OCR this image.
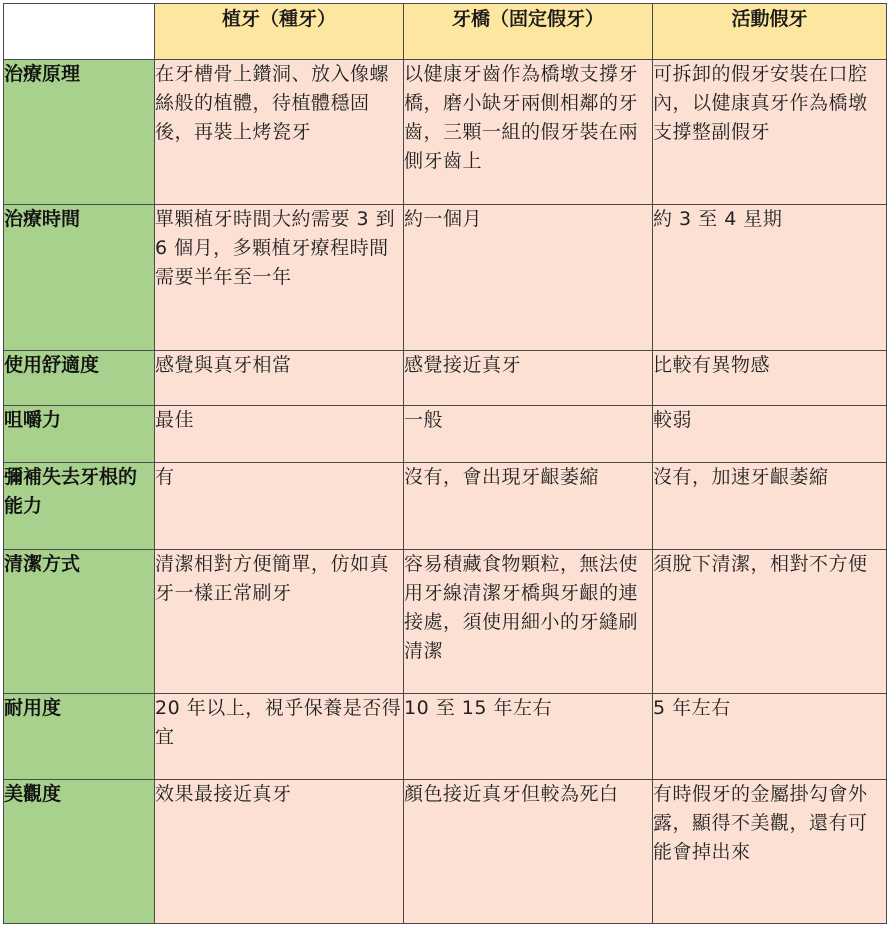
	植牙（種牙）	牙橋（固定假牙）	活動假牙
治療原理	在牙槽骨上鑽洞、放入像螺絲般的植體，待植體穩固後，再裝上烤瓷牙	以健康牙齒作為橋墩支撐牙橋，磨小缺牙兩側相鄰的牙齒，三顆一組的假牙裝在兩側牙齒上	可拆卸的假牙安裝在口腔內，以健康真牙作為橋墩支撐整副假牙
治療時間	單顆植牙時間大約需要 3 到 6 個月，多顆植牙療程時間需要半年至一年	約一個月	約 3 至 4 星期
使用舒適度	感覺與真牙相當	感覺接近真牙	比較有異物感
咀嚼力	最佳	一般	較弱
彌補失去牙根的能力	有	沒有，會出現牙齦萎縮	沒有，加速牙齦萎縮
清潔方式	清潔相對方便簡單，仿如真牙一樣正常刷牙	容易積藏食物顆粒，無法使用牙線清潔牙橋與牙齦的連接處，須使用細小的牙縫刷清潔	須脫下清潔，相對不方便
耐用度	20 年以上，視乎保養是否得宜	10 至 15 年左右	5 年左右
美觀度	效果最接近真牙	顏色接近真牙但較為死白	有時假牙的金屬掛勾會外露，顯得不美觀，還有可能會掉出來
